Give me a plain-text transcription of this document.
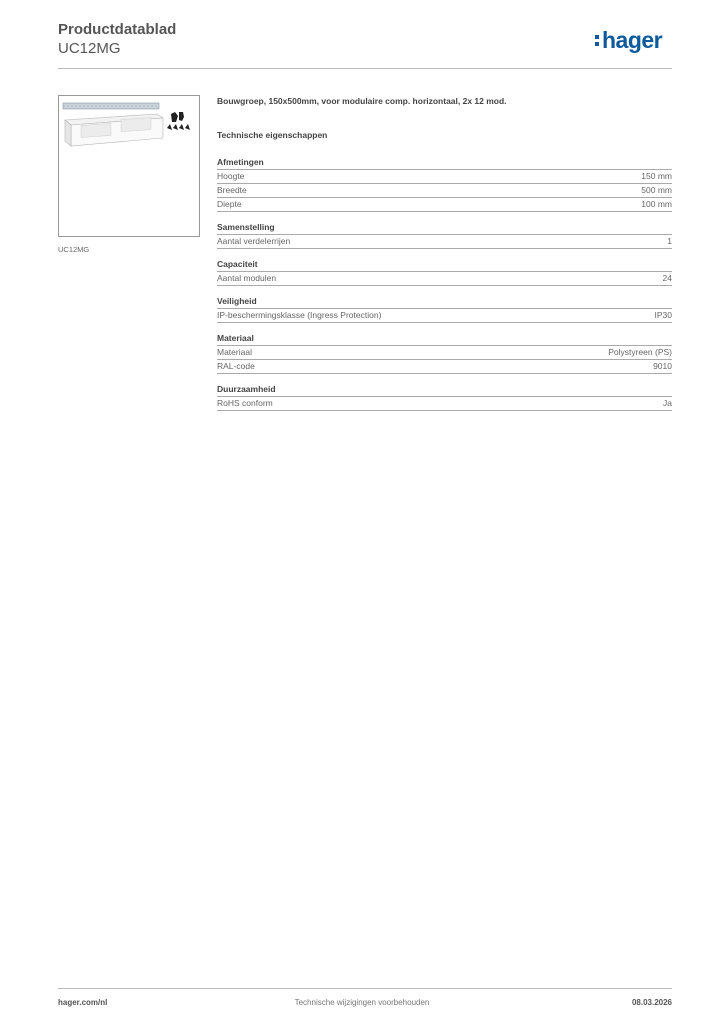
Productdatablad
UC12MG	hager
UC12MG
Bouwgroep, 150x500mm, voor modulaire comp. horizontaal, 2x 12 mod.
Technische eigenschappen
Afmetingen
Hoogte	150 mm
Breedte	500 mm
Diepte	100 mm
Samenstelling
Aantal verdelerrijen	1
Capaciteit
Aantal modulen	24
Veiligheid
IP-beschermingsklasse (Ingress Protection)	IP30
Materiaal
Materiaal	Polystyreen (PS)
RAL-code	9010
Duurzaamheid
RoHS conform	Ja
hager.com/nl	Technische wijzigingen voorbehouden	08.03.2026
